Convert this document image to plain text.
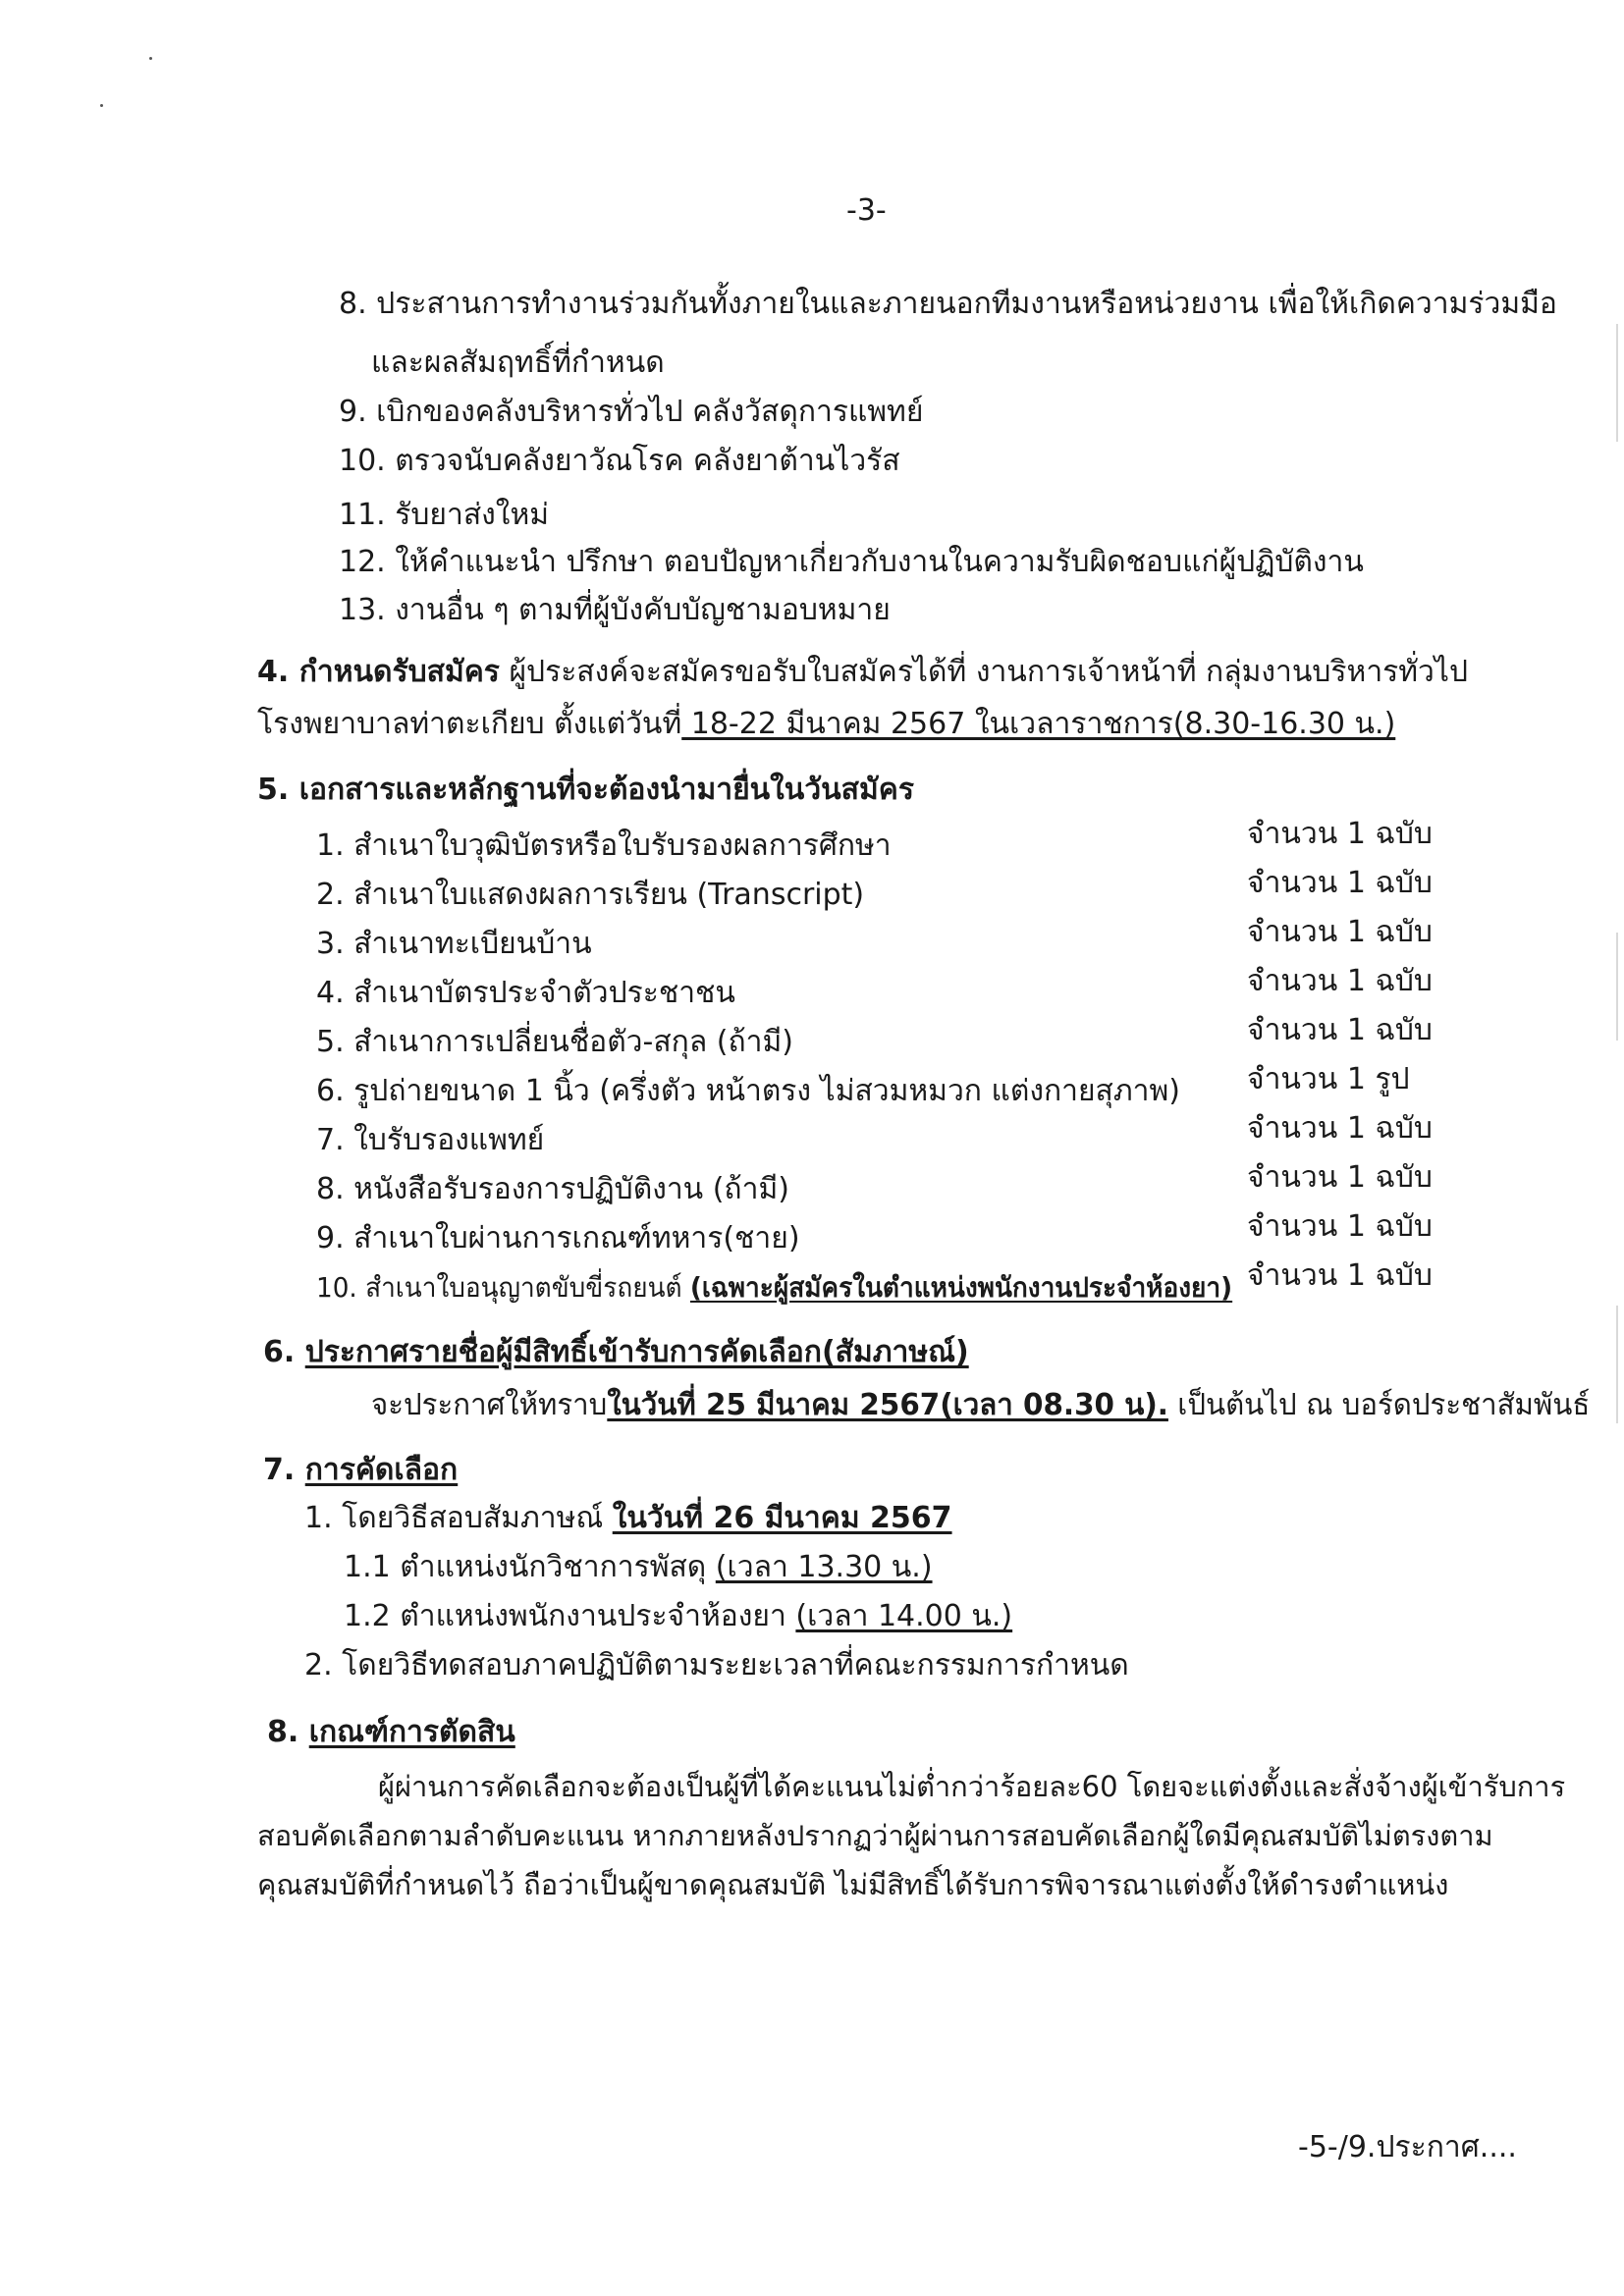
-3-
8. ประสานการทำงานร่วมกันทั้งภายในและภายนอกทีมงานหรือหน่วยงาน เพื่อให้เกิดความร่วมมือ
และผลสัมฤทธิ์ที่กำหนด
9. เบิกของคลังบริหารทั่วไป คลังวัสดุการแพทย์
10. ตรวจนับคลังยาวัณโรค คลังยาต้านไวรัส
11. รับยาส่งใหม่
12. ให้คำแนะนำ ปรึกษา ตอบปัญหาเกี่ยวกับงานในความรับผิดชอบแก่ผู้ปฏิบัติงาน
13. งานอื่น ๆ ตามที่ผู้บังคับบัญชามอบหมาย
4. กำหนดรับสมัคร ผู้ประสงค์จะสมัครขอรับใบสมัครได้ที่ งานการเจ้าหน้าที่ กลุ่มงานบริหารทั่วไป
โรงพยาบาลท่าตะเกียบ ตั้งแต่วันที่ 18-22 มีนาคม 2567 ในเวลาราชการ(8.30-16.30 น.)
5. เอกสารและหลักฐานที่จะต้องนำมายื่นในวันสมัคร
1. สำเนาใบวุฒิบัตรหรือใบรับรองผลการศึกษา	จำนวน 1 ฉบับ
2. สำเนาใบแสดงผลการเรียน (Transcript)	จำนวน 1 ฉบับ
3. สำเนาทะเบียนบ้าน	จำนวน 1 ฉบับ
4. สำเนาบัตรประจำตัวประชาชน	จำนวน 1 ฉบับ
5. สำเนาการเปลี่ยนชื่อตัว-สกุล (ถ้ามี)	จำนวน 1 ฉบับ
6. รูปถ่ายขนาด 1 นิ้ว (ครึ่งตัว หน้าตรง ไม่สวมหมวก แต่งกายสุภาพ) จำนวน 1 รูป
7. ใบรับรองแพทย์	จำนวน 1 ฉบับ
8. หนังสือรับรองการปฏิบัติงาน (ถ้ามี)	จำนวน 1 ฉบับ
9. สำเนาใบผ่านการเกณฑ์ทหาร(ชาย)	จำนวน 1 ฉบับ
10. สำเนาใบอนุญาตขับขี่รถยนต์ (เฉพาะผู้สมัครในตำแหน่งพนักงานประจำห้องยา) จำนวน 1 ฉบับ
6. ประกาศรายชื่อผู้มีสิทธิ์เข้ารับการคัดเลือก(สัมภาษณ์)
จะประกาศให้ทราบในวันที่ 25 มีนาคม 2567(เวลา 08.30 น). เป็นต้นไป ณ บอร์ดประชาสัมพันธ์
7. การคัดเลือก
1. โดยวิธีสอบสัมภาษณ์ ในวันที่ 26 มีนาคม 2567
1.1 ตำแหน่งนักวิชาการพัสดุ (เวลา 13.30 น.)
1.2 ตำแหน่งพนักงานประจำห้องยา (เวลา 14.00 น.)
2. โดยวิธีทดสอบภาคปฏิบัติตามระยะเวลาที่คณะกรรมการกำหนด
8. เกณฑ์การตัดสิน
ผู้ผ่านการคัดเลือกจะต้องเป็นผู้ที่ได้คะแนนไม่ต่ำกว่าร้อยละ60 โดยจะแต่งตั้งและสั่งจ้างผู้เข้ารับการ
สอบคัดเลือกตามลำดับคะแนน หากภายหลังปรากฏว่าผู้ผ่านการสอบคัดเลือกผู้ใดมีคุณสมบัติไม่ตรงตาม
คุณสมบัติที่กำหนดไว้ ถือว่าเป็นผู้ขาดคุณสมบัติ ไม่มีสิทธิ์ได้รับการพิจารณาแต่งตั้งให้ดำรงตำแหน่ง
-5-/9.ประกาศ....
